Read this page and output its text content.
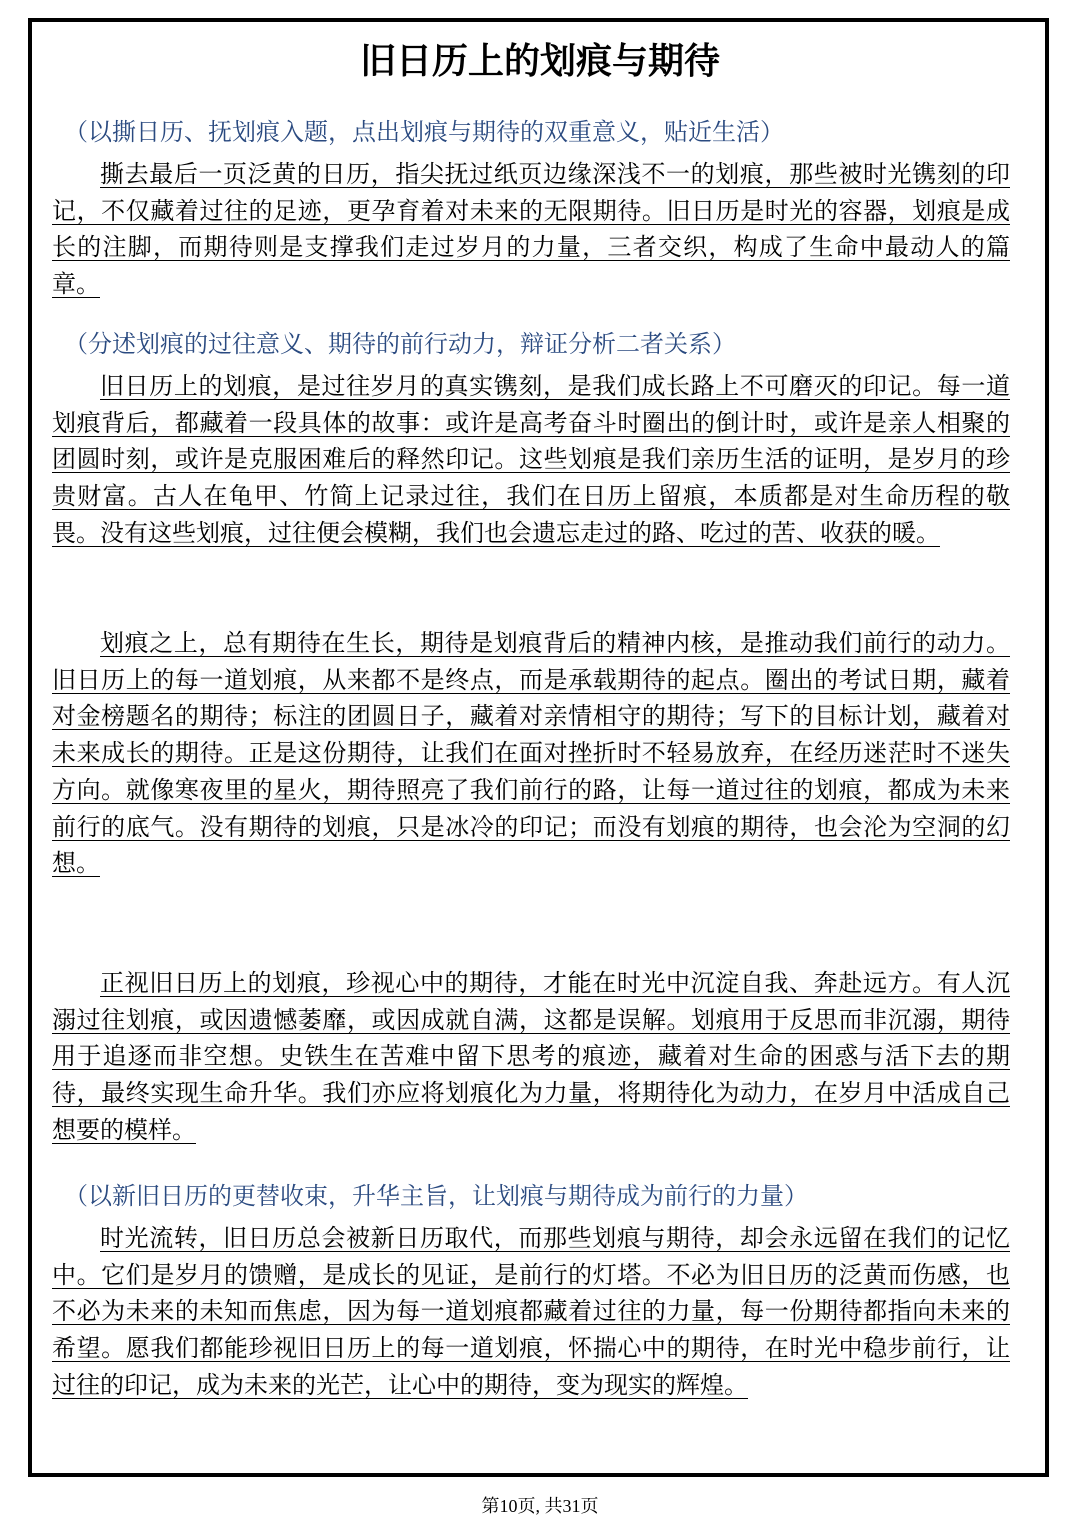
旧日历上的划痕与期待
（以撕日历、抚划痕入题，点出划痕与期待的双重意义，贴近生活）

撕去最后一页泛黄的日历，指尖抚过纸页边缘深浅不一的划痕，那些被时光镌刻的印记，不仅藏着过往的足迹，更孕育着对未来的无限期待。旧日历是时光的容器，划痕是成长的注脚，而期待则是支撑我们走过岁月的力量，三者交织，构成了生命中最动人的篇章。

（分述划痕的过往意义、期待的前行动力，辩证分析二者关系）

旧日历上的划痕，是过往岁月的真实镌刻，是我们成长路上不可磨灭的印记。每一道划痕背后，都藏着一段具体的故事：或许是高考奋斗时圈出的倒计时，或许是亲人相聚的团圆时刻，或许是克服困难后的释然印记。这些划痕是我们亲历生活的证明，是岁月的珍贵财富。古人在龟甲、竹简上记录过往，我们在日历上留痕，本质都是对生命历程的敬畏。没有这些划痕，过往便会模糊，我们也会遗忘走过的路、吃过的苦、收获的暖。

划痕之上，总有期待在生长，期待是划痕背后的精神内核，是推动我们前行的动力。旧日历上的每一道划痕，从来都不是终点，而是承载期待的起点。圈出的考试日期，藏着对金榜题名的期待；标注的团圆日子，藏着对亲情相守的期待；写下的目标计划，藏着对未来成长的期待。正是这份期待，让我们在面对挫折时不轻易放弃，在经历迷茫时不迷失方向。就像寒夜里的星火，期待照亮了我们前行的路，让每一道过往的划痕，都成为未来前行的底气。没有期待的划痕，只是冰冷的印记；而没有划痕的期待，也会沦为空洞的幻想。

正视旧日历上的划痕，珍视心中的期待，才能在时光中沉淀自我、奔赴远方。有人沉溺过往划痕，或因遗憾萎靡，或因成就自满，这都是误解。划痕用于反思而非沉溺，期待用于追逐而非空想。史铁生在苦难中留下思考的痕迹，藏着对生命的困惑与活下去的期待，最终实现生命升华。我们亦应将划痕化为力量，将期待化为动力，在岁月中活成自己想要的模样。

（以新旧日历的更替收束，升华主旨，让划痕与期待成为前行的力量）

时光流转，旧日历总会被新日历取代，而那些划痕与期待，却会永远留在我们的记忆中。它们是岁月的馈赠，是成长的见证，是前行的灯塔。不必为旧日历的泛黄而伤感，也不必为未来的未知而焦虑，因为每一道划痕都藏着过往的力量，每一份期待都指向未来的希望。愿我们都能珍视旧日历上的每一道划痕，怀揣心中的期待，在时光中稳步前行，让过往的印记，成为未来的光芒，让心中的期待，变为现实的辉煌。

第10页, 共31页
